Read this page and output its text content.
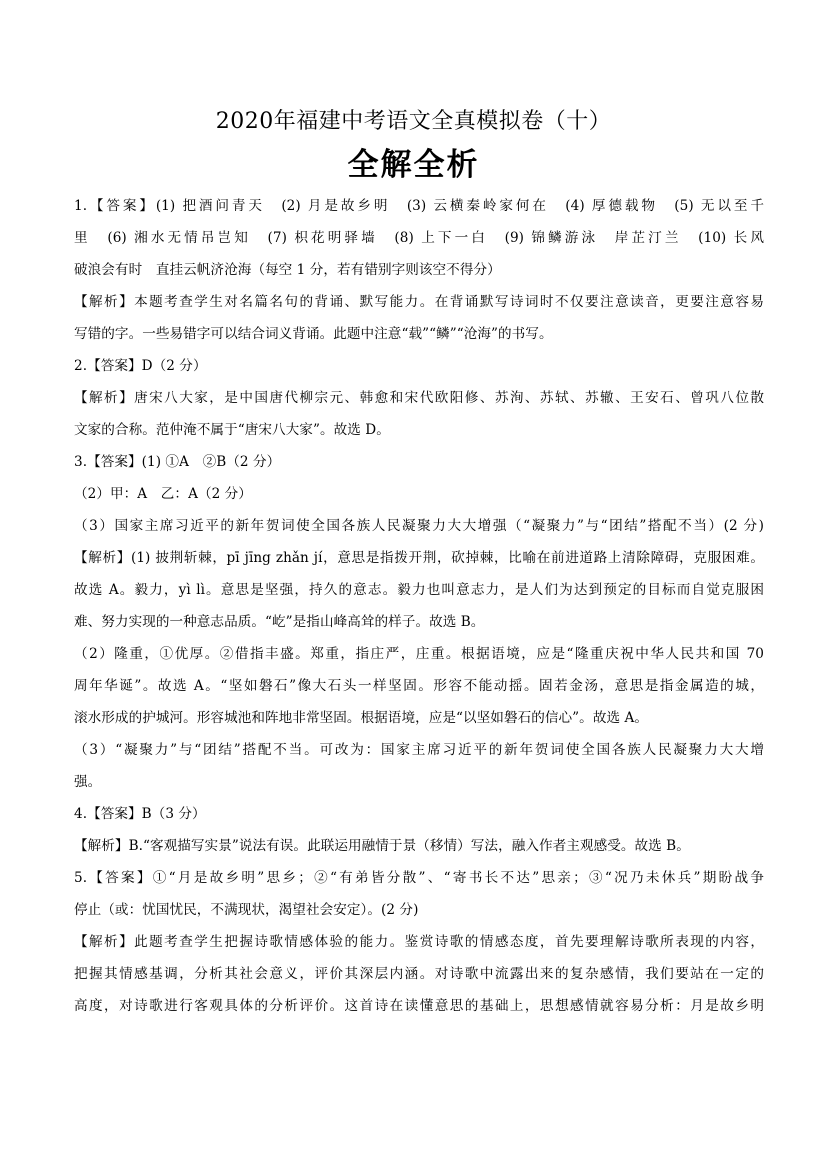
2020年福建中考语文全真模拟卷（十）
全解全析
1.【答案】(1) 把酒问青天　(2) 月是故乡明　(3) 云横秦岭家何在　(4) 厚德载物　(5) 无以至千
里　(6) 湘水无情吊岂知　(7) 枳花明驿墙　(8) 上下一白　(9) 锦鳞游泳　岸芷汀兰　(10) 长风
破浪会有时　直挂云帆济沧海（每空 1 分，若有错别字则该空不得分）
【解析】本题考查学生对名篇名句的背诵、默写能力。在背诵默写诗词时不仅要注意读音，更要注意容易
写错的字。一些易错字可以结合词义背诵。此题中注意“载”“鳞”“沧海”的书写。
2.【答案】D（2 分）
【解析】唐宋八大家，是中国唐代柳宗元、韩愈和宋代欧阳修、苏洵、苏轼、苏辙、王安石、曾巩八位散
文家的合称。范仲淹不属于“唐宋八大家”。故选 D。
3.【答案】(1) ①A　②B（2 分）
（2）甲：A　乙：A（2 分）
（3）国家主席习近平的新年贺词使全国各族人民凝聚力大大增强（“凝聚力”与“团结”搭配不当）(2 分)
【解析】(1) 披荆斩棘，pī jīng zhǎn jí，意思是指拨开荆，砍掉棘，比喻在前进道路上清除障碍，克服困难。
故选 A。毅力，yì lì。意思是坚强，持久的意志。毅力也叫意志力，是人们为达到预定的目标而自觉克服困
难、努力实现的一种意志品质。“屹”是指山峰高耸的样子。故选 B。
（2）隆重，①优厚。②借指丰盛。郑重，指庄严，庄重。根据语境，应是“隆重庆祝中华人民共和国 70
周年华诞”。故选 A。“坚如磐石”像大石头一样坚固。形容不能动摇。固若金汤，意思是指金属造的城，
滚水形成的护城河。形容城池和阵地非常坚固。根据语境，应是“以坚如磐石的信心”。故选 A。
（3）“凝聚力”与“团结”搭配不当。可改为：国家主席习近平的新年贺词使全国各族人民凝聚力大大增
强。
4.【答案】B（3 分）
【解析】B.“客观描写实景”说法有误。此联运用融情于景（移情）写法，融入作者主观感受。故选 B。
5.【答案】①“月是故乡明”思乡；②“有弟皆分散”、“寄书长不达”思亲；③“况乃未休兵”期盼战争
停止（或：忧国忧民，不满现状，渴望社会安定）。(2 分)
【解析】此题考查学生把握诗歌情感体验的能力。鉴赏诗歌的情感态度，首先要理解诗歌所表现的内容，
把握其情感基调，分析其社会意义，评价其深层内涵。对诗歌中流露出来的复杂感情，我们要站在一定的
高度，对诗歌进行客观具体的分析评价。这首诗在读懂意思的基础上，思想感情就容易分析：月是故乡明
